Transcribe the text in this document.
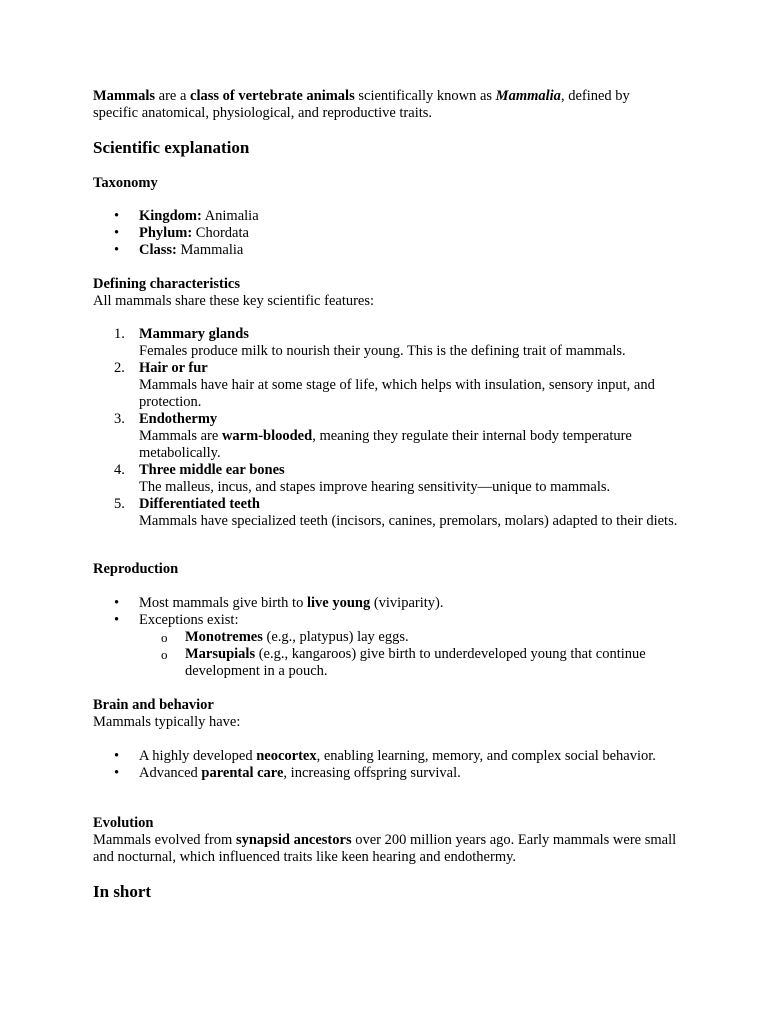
Mammals are a class of vertebrate animals scientifically known as Mammalia, defined by specific anatomical, physiological, and reproductive traits.

Scientific explanation
Taxonomy
• Kingdom: Animalia
• Phylum: Chordata
• Class: Mammalia
Defining characteristics

All mammals share these key scientific features:

1. Mammary glands
Females produce milk to nourish their young. This is the defining trait of mammals.
2. Hair or fur
Mammals have hair at some stage of life, which helps with insulation, sensory input, and protection.
3. Endothermy
Mammals are warm-blooded, meaning they regulate their internal body temperature metabolically.
4. Three middle ear bones
The malleus, incus, and stapes improve hearing sensitivity—unique to mammals.
5. Differentiated teeth
Mammals have specialized teeth (incisors, canines, premolars, molars) adapted to their diets.
Reproduction
• Most mammals give birth to live young (viviparity).
• Exceptions exist:
o Monotremes (e.g., platypus) lay eggs.
o Marsupials (e.g., kangaroos) give birth to underdeveloped young that continue development in a pouch.
Brain and behavior

Mammals typically have:

• A highly developed neocortex, enabling learning, memory, and complex social behavior.
• Advanced parental care, increasing offspring survival.
Evolution

Mammals evolved from synapsid ancestors over 200 million years ago. Early mammals were small and nocturnal, which influenced traits like keen hearing and endothermy.

In short
